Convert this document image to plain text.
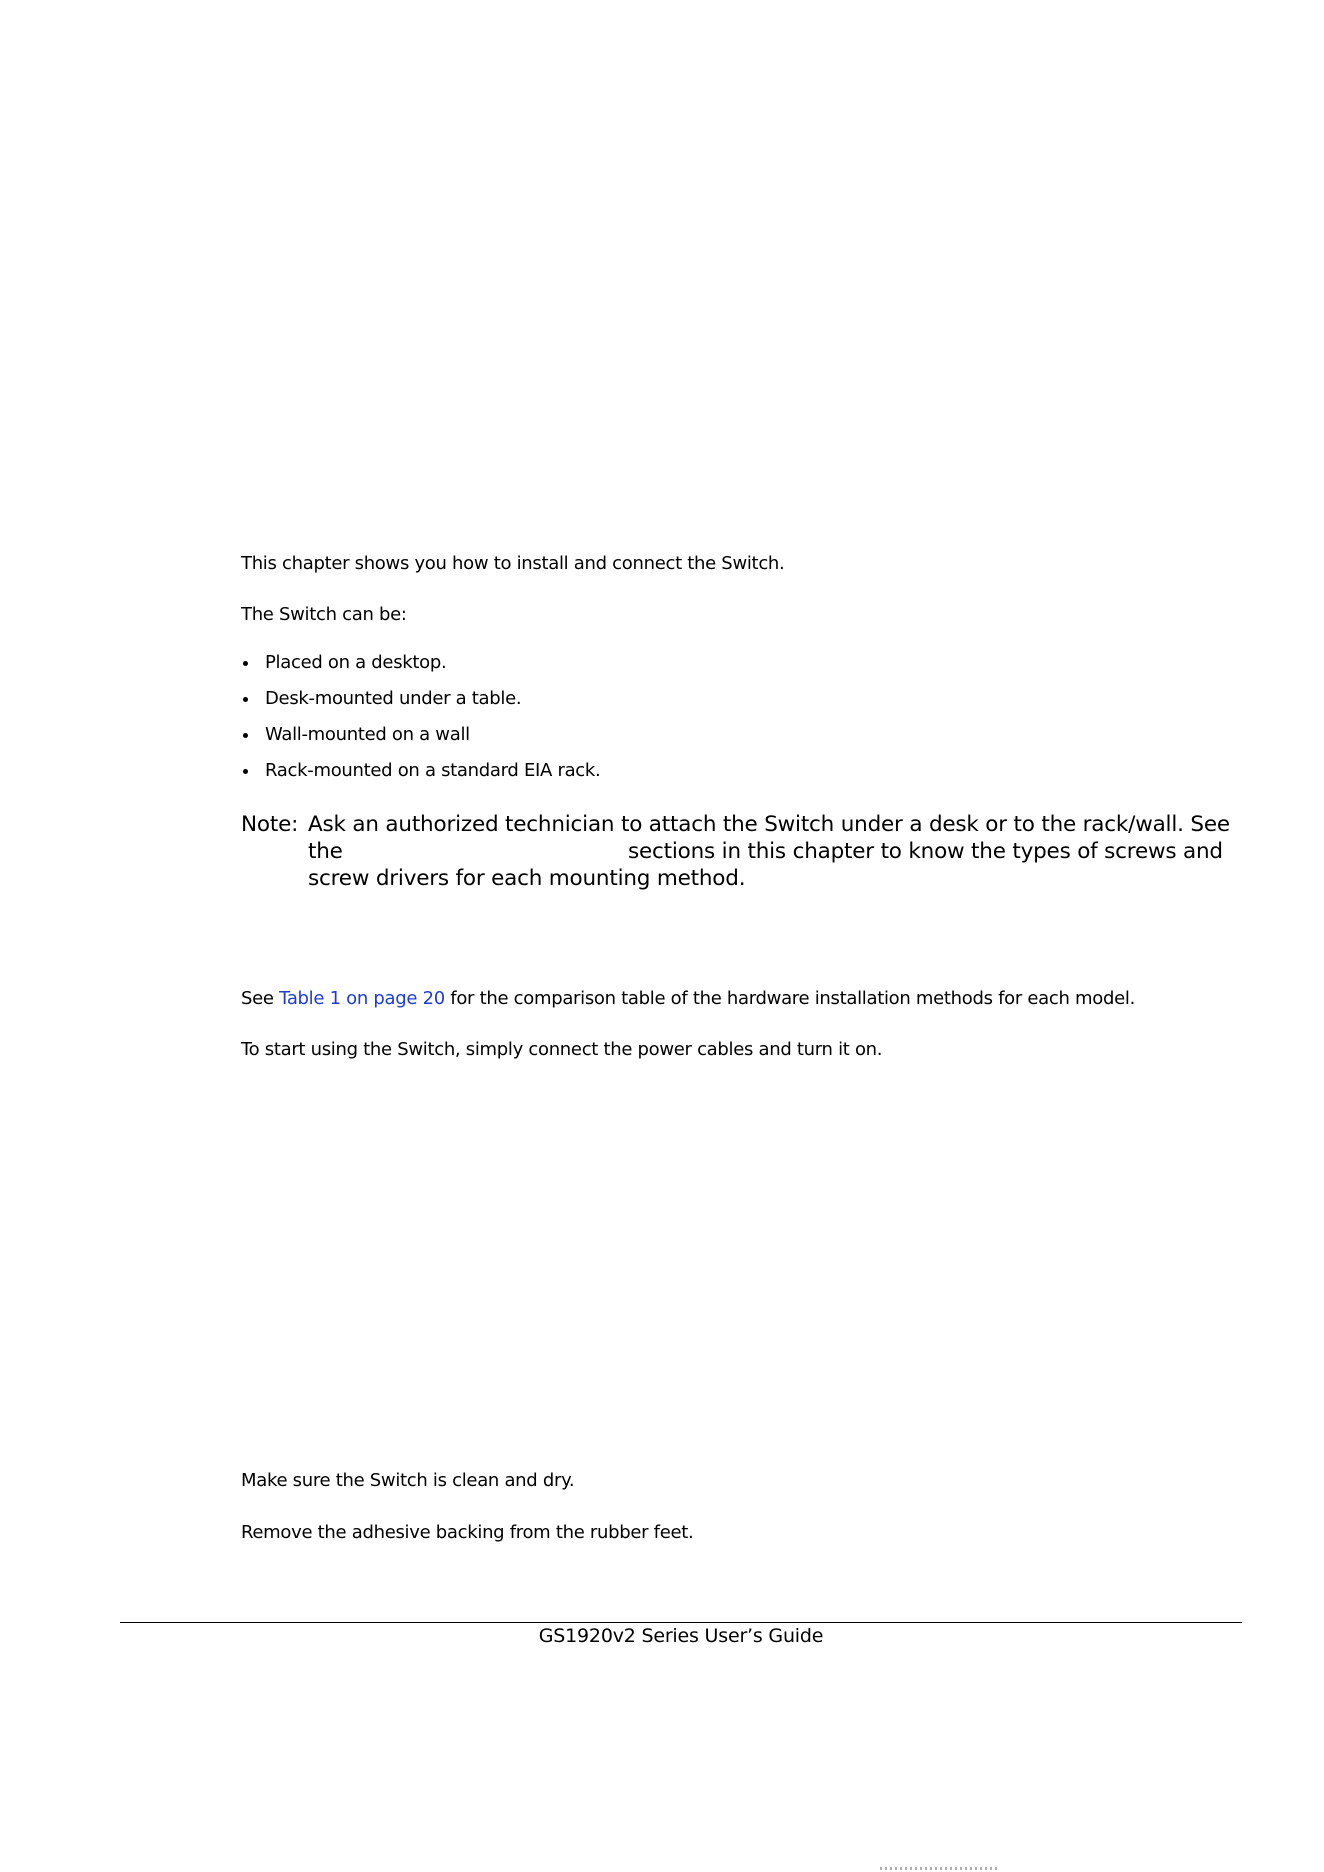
This chapter shows you how to install and connect the Switch.
The Switch can be:
Placed on a desktop.
Desk-mounted under a table.
Wall-mounted on a wall
Rack-mounted on a standard EIA rack.
Note: Ask an authorized technician to attach the Switch under a desk or to the rack/wall. See
the	sections in this chapter to know the types of screws and
screw drivers for each mounting method.
See Table 1 on page 20 for the comparison table of the hardware installation methods for each model.
To start using the Switch, simply connect the power cables and turn it on.
Make sure the Switch is clean and dry.
Remove the adhesive backing from the rubber feet.
GS1920v2 Series User’s Guide
